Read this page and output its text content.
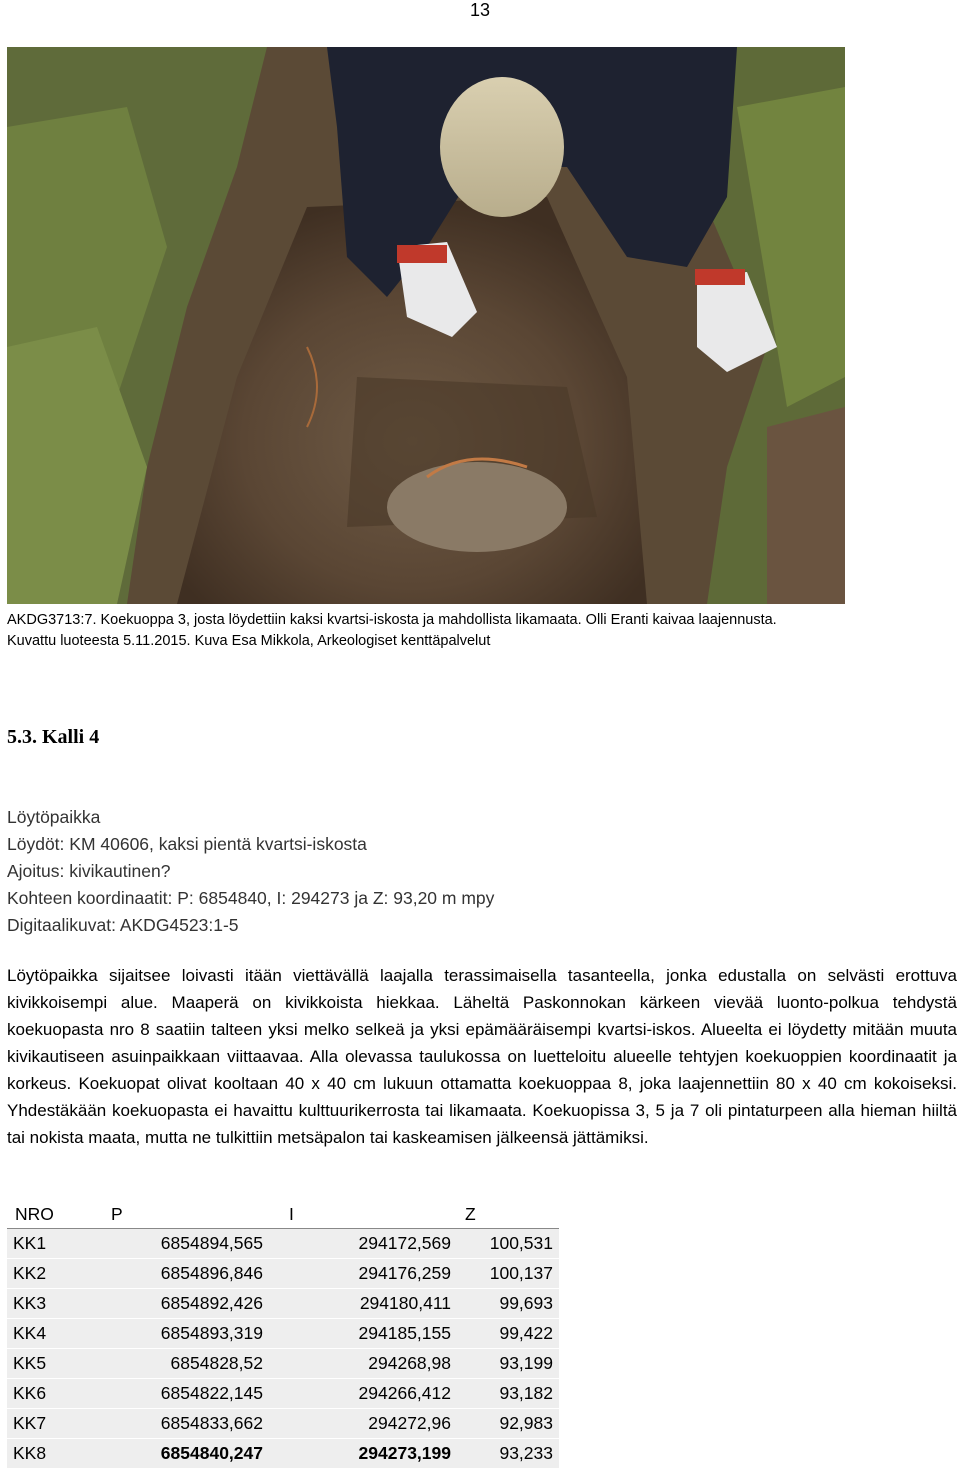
13
AKDG3713:7. Koekuoppa 3, josta löydettiin kaksi kvartsi-iskosta ja mahdollista likamaata. Olli Eranti kaivaa laajennusta.
Kuvattu luoteesta 5.11.2015. Kuva Esa Mikkola, Arkeologiset kenttäpalvelut
5.3. Kalli 4
Löytöpaikka
Löydöt: KM 40606, kaksi pientä kvartsi-iskosta
Ajoitus: kivikautinen?
Kohteen koordinaatit: P: 6854840, I: 294273 ja Z: 93,20 m mpy
Digitaalikuvat: AKDG4523:1-5
Löytöpaikka sijaitsee loivasti itään viettävällä laajalla terassimaisella tasanteella, jonka edustalla on selvästi erottuva kivikkoisempi alue. Maaperä on kivikkoista hiekkaa. Läheltä Paskonnokan kärkeen vievää luonto-polkua tehdystä koekuopasta nro 8 saatiin talteen yksi melko selkeä ja yksi epämääräisempi kvartsi-iskos. Alueelta ei löydetty mitään muuta kivikautiseen asuinpaikkaan viittaavaa. Alla olevassa taulukossa on luetteloitu alueelle tehtyjen koekuoppien koordinaatit ja korkeus. Koekuopat olivat kooltaan 40 x 40 cm lukuun ottamatta koekuoppaa 8, joka laajennettiin 80 x 40 cm kokoiseksi. Yhdestäkään koekuopasta ei havaittu kulttuurikerrosta tai likamaata. Koekuopissa 3, 5 ja 7 oli pintaturpeen alla hieman hiiltä tai nokista maata, mutta ne tulkittiin metsäpalon tai kaskeamisen jälkeensä jättämiksi.
NRO	P	I	Z
KK1	6854894,565	294172,569	100,531
KK2	6854896,846	294176,259	100,137
KK3	6854892,426	294180,411	99,693
KK4	6854893,319	294185,155	99,422
KK5	6854828,52	294268,98	93,199
KK6	6854822,145	294266,412	93,182
KK7	6854833,662	294272,96	92,983
KK8	6854840,247	294273,199	93,233
